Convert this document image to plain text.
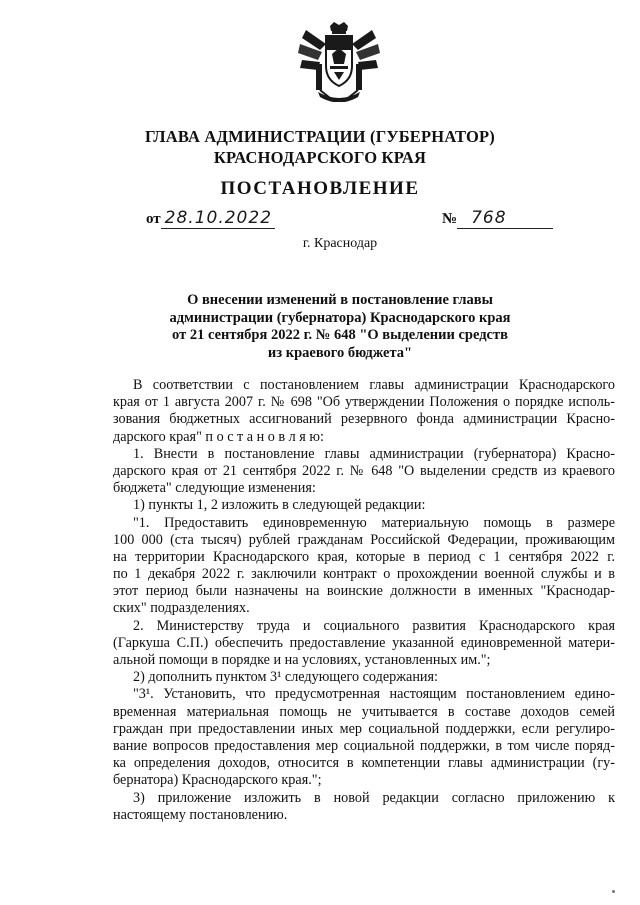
ГЛАВА АДМИНИСТРАЦИИ (ГУБЕРНАТОР)
КРАСНОДАРСКОГО КРАЯ
ПОСТАНОВЛЕНИЕ
от 28.10.2022	№ 768
г. Краснодар
О внесении изменений в постановление главы
администрации (губернатора) Краснодарского края
от 21 сентября 2022 г. № 648 "О выделении средств
из краевого бюджета"
В соответствии с постановлением главы администрации Краснодарского
края от 1 августа 2007 г. № 698 "Об утверждении Положения о порядке исполь-
зования бюджетных ассигнований резервного фонда администрации Красно-
дарского края" п о с т а н о в л я ю:
1. Внести в постановление главы администрации (губернатора) Красно-
дарского края от 21 сентября 2022 г. № 648 "О выделении средств из краевого
бюджета" следующие изменения:
1) пункты 1, 2 изложить в следующей редакции:
"1. Предоставить единовременную материальную помощь в размере
100 000 (ста тысяч) рублей гражданам Российской Федерации, проживающим
на территории Краснодарского края, которые в период с 1 сентября 2022 г.
по 1 декабря 2022 г. заключили контракт о прохождении военной службы и в
этот период были назначены на воинские должности в именных "Краснодар-
ских" подразделениях.
2. Министерству труда и социального развития Краснодарского края
(Гаркуша С.П.) обеспечить предоставление указанной единовременной матери-
альной помощи в порядке и на условиях, установленных им.";
2) дополнить пунктом 3¹ следующего содержания:
"3¹. Установить, что предусмотренная настоящим постановлением едино-
временная материальная помощь не учитывается в составе доходов семей
граждан при предоставлении иных мер социальной поддержки, если регулиро-
вание вопросов предоставления мер социальной поддержки, в том числе поряд-
ка определения доходов, относится в компетенции главы администрации (гу-
бернатора) Краснодарского края.";
3) приложение изложить в новой редакции согласно приложению к
настоящему постановлению.
